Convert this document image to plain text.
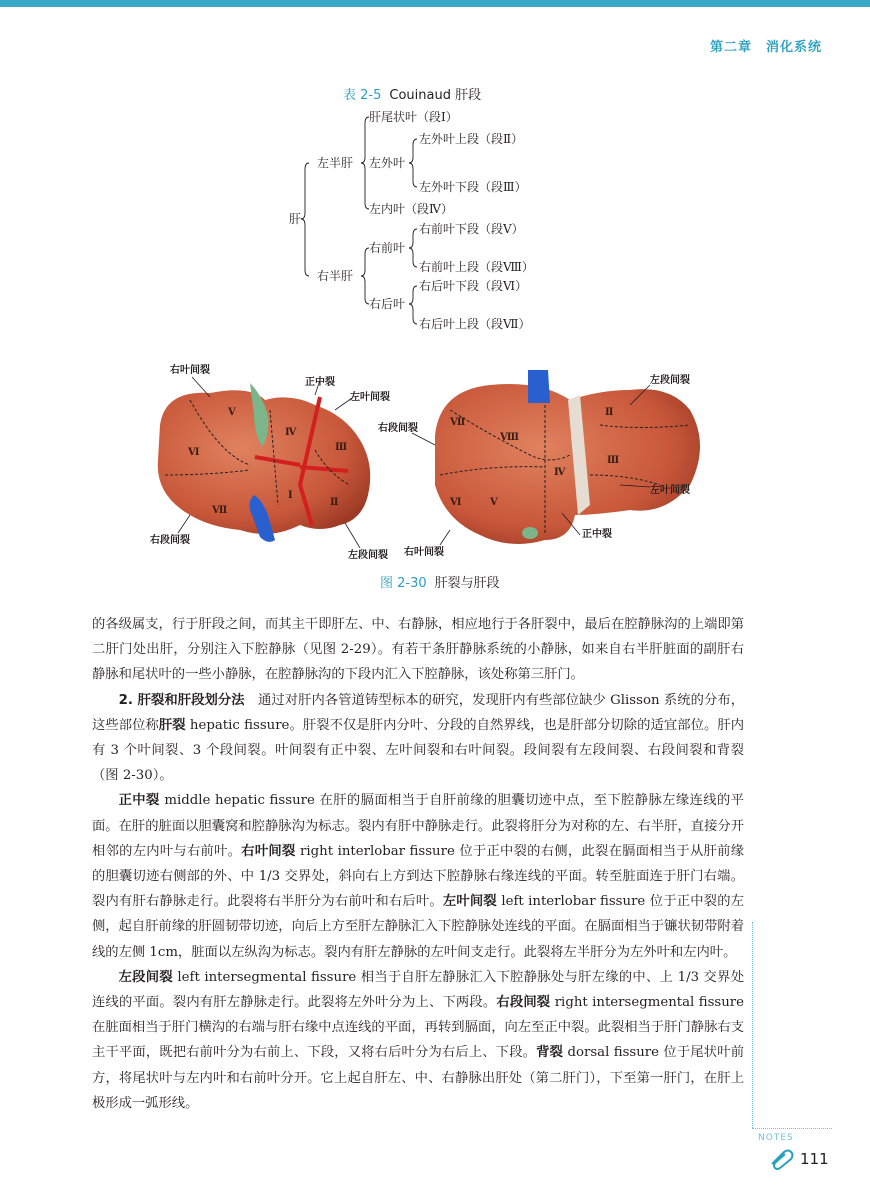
第二章　消化系统
表 2-5 Couinaud 肝段
肝
左半肝
肝尾状叶（段Ⅰ）
左外叶
左外叶上段（段Ⅱ）
左外叶下段（段Ⅲ）
左内叶（段Ⅳ）
右半肝
右前叶
右前叶下段（段Ⅴ）
右前叶上段（段Ⅷ）
右后叶
右后叶下段（段Ⅵ）
右后叶上段（段Ⅶ）
Ⅴ
Ⅵ
Ⅶ
Ⅳ
Ⅰ
Ⅲ
Ⅱ
右叶间裂
正中裂
左叶间裂
右段间裂
左段间裂
Ⅶ
Ⅷ
Ⅵ	Ⅴ
Ⅳ
Ⅱ
Ⅲ
左段间裂
右段间裂
左叶间裂
正中裂
右叶间裂
图 2-30 肝裂与肝段

的各级属支，行于肝段之间，而其主干即肝左、中、右静脉，相应地行于各肝裂中，最后在腔静脉沟的上端即第二肝门处出肝，分别注入下腔静脉（见图 2-29）。有若干条肝静脉系统的小静脉，如来自右半肝脏面的副肝右静脉和尾状叶的一些小静脉，在腔静脉沟的下段内汇入下腔静脉，该处称第三肝门。

2. 肝裂和肝段划分法　 通过对肝内各管道铸型标本的研究，发现肝内有些部位缺少 Glisson 系统的分布，这些部位称肝裂 hepatic fissure。肝裂不仅是肝内分叶、分段的自然界线，也是肝部分切除的适宜部位。肝内有 3 个叶间裂、3 个段间裂。叶间裂有正中裂、左叶间裂和右叶间裂。段间裂有左段间裂、右段间裂和背裂（图 2-30）。

正中裂 middle hepatic fissure 在肝的膈面相当于自肝前缘的胆囊切迹中点，至下腔静脉左缘连线的平面。在肝的脏面以胆囊窝和腔静脉沟为标志。裂内有肝中静脉走行。此裂将肝分为对称的左、右半肝，直接分开相邻的左内叶与右前叶。右叶间裂 right interlobar fissure 位于正中裂的右侧，此裂在膈面相当于从肝前缘的胆囊切迹右侧部的外、中 1/3 交界处，斜向右上方到达下腔静脉右缘连线的平面。转至脏面连于肝门右端。裂内有肝右静脉走行。此裂将右半肝分为右前叶和右后叶。左叶间裂 left interlobar fissure 位于正中裂的左侧，起自肝前缘的肝圆韧带切迹，向后上方至肝左静脉汇入下腔静脉处连线的平面。在膈面相当于镰状韧带附着线的左侧 1cm，脏面以左纵沟为标志。裂内有肝左静脉的左叶间支走行。此裂将左半肝分为左外叶和左内叶。

左段间裂 left intersegmental fissure 相当于自肝左静脉汇入下腔静脉处与肝左缘的中、上 1/3 交界处连线的平面。裂内有肝左静脉走行。此裂将左外叶分为上、下两段。右段间裂 right intersegmental fissure 在脏面相当于肝门横沟的右端与肝右缘中点连线的平面，再转到膈面，向左至正中裂。此裂相当于肝门静脉右支主干平面，既把右前叶分为右前上、下段，又将右后叶分为右后上、下段。背裂 dorsal fissure 位于尾状叶前方，将尾状叶与左内叶和右前叶分开。它上起自肝左、中、右静脉出肝处（第二肝门），下至第一肝门，在肝上极形成一弧形线。

NOTES
111
